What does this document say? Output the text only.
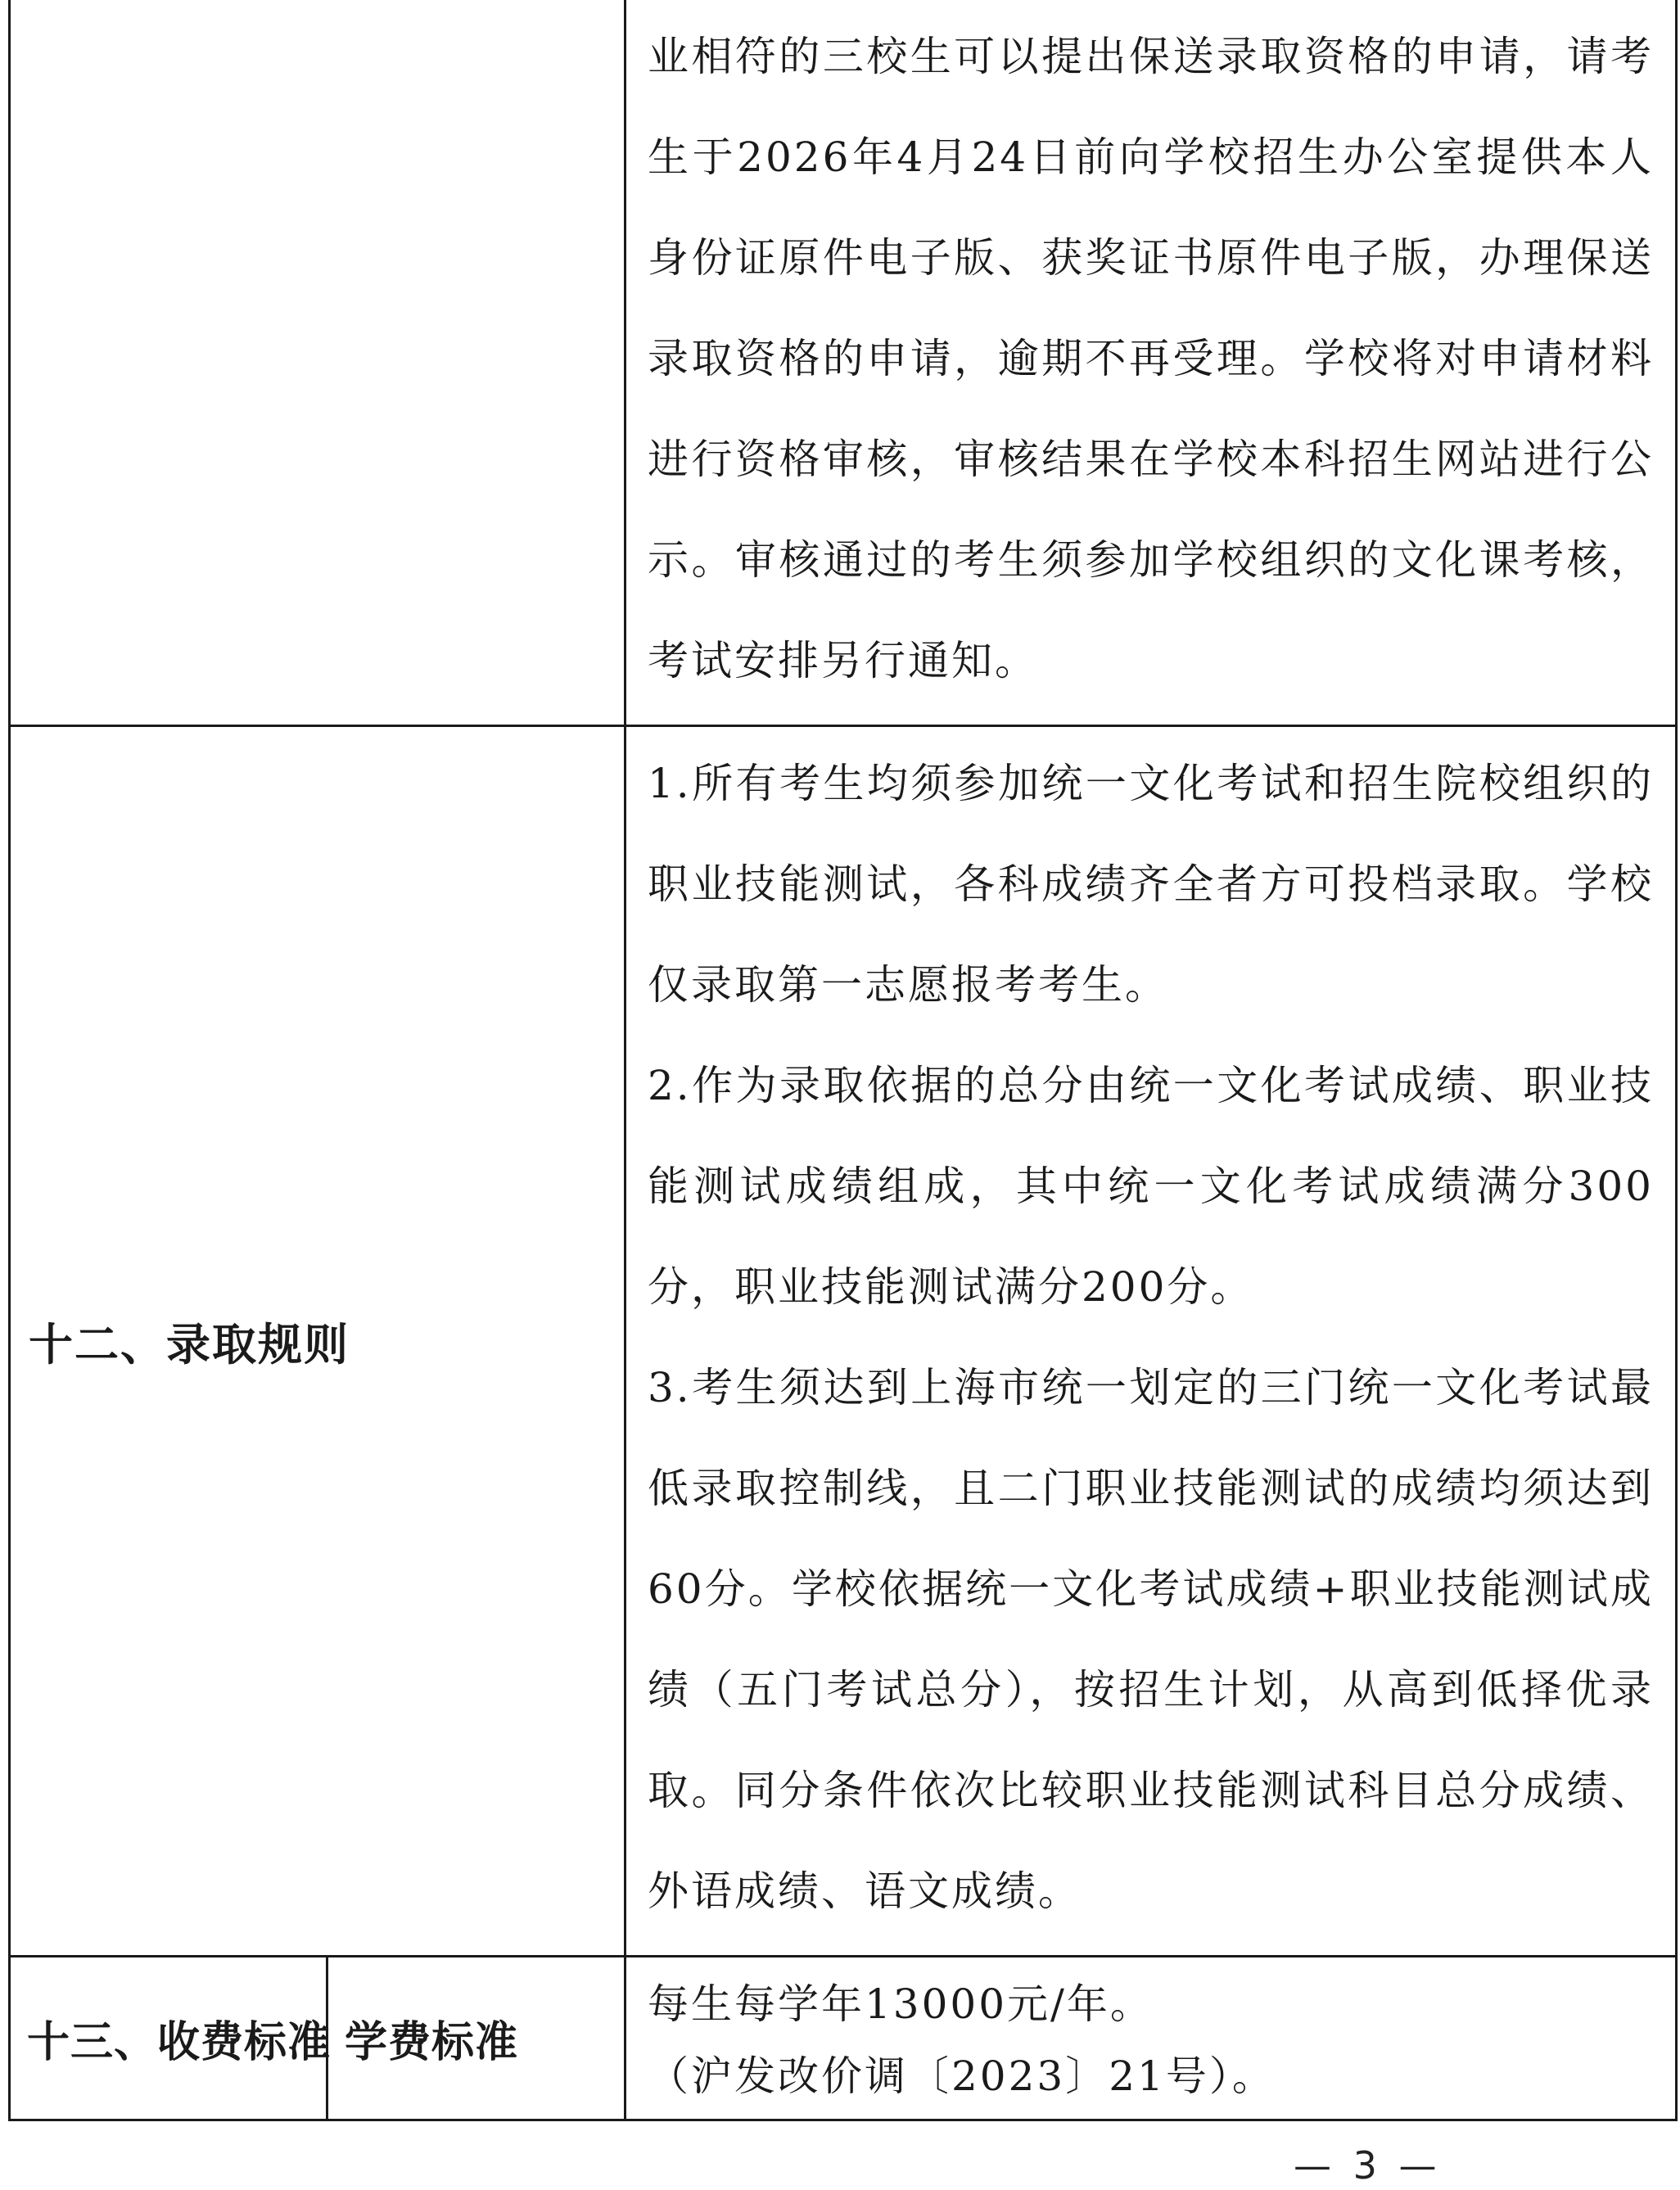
		业相符的三校生可以提出保送录取资格的申请，请考生于2026年4月24日前向学校招生办公室提供本人身份证原件电子版、获奖证书原件电子版，办理保送录取资格的申请，逾期不再受理。学校将对申请材料进行资格审核，审核结果在学校本科招生网站进行公示。审核通过的考生须参加学校组织的文化课考核，考试安排另行通知。

十二、录取规则		1.所有考生均须参加统一文化考试和招生院校组织的职业技能测试，各科成绩齐全者方可投档录取。学校仅录取第一志愿报考考生。

2.作为录取依据的总分由统一文化考试成绩、职业技能测试成绩组成，其中统一文化考试成绩满分300分，职业技能测试满分200分。

3.考生须达到上海市统一划定的三门统一文化考试最低录取控制线，且二门职业技能测试的成绩均须达到60分。学校依据统一文化考试成绩+职业技能测试成绩（五门考试总分），按招生计划，从高到低择优录取。同分条件依次比较职业技能测试科目总分成绩、外语成绩、语文成绩。

十三、收费标准	学费标准	每生每学年13000元/年。

（沪发改价调〔2023〕21号）。

— 3 —
